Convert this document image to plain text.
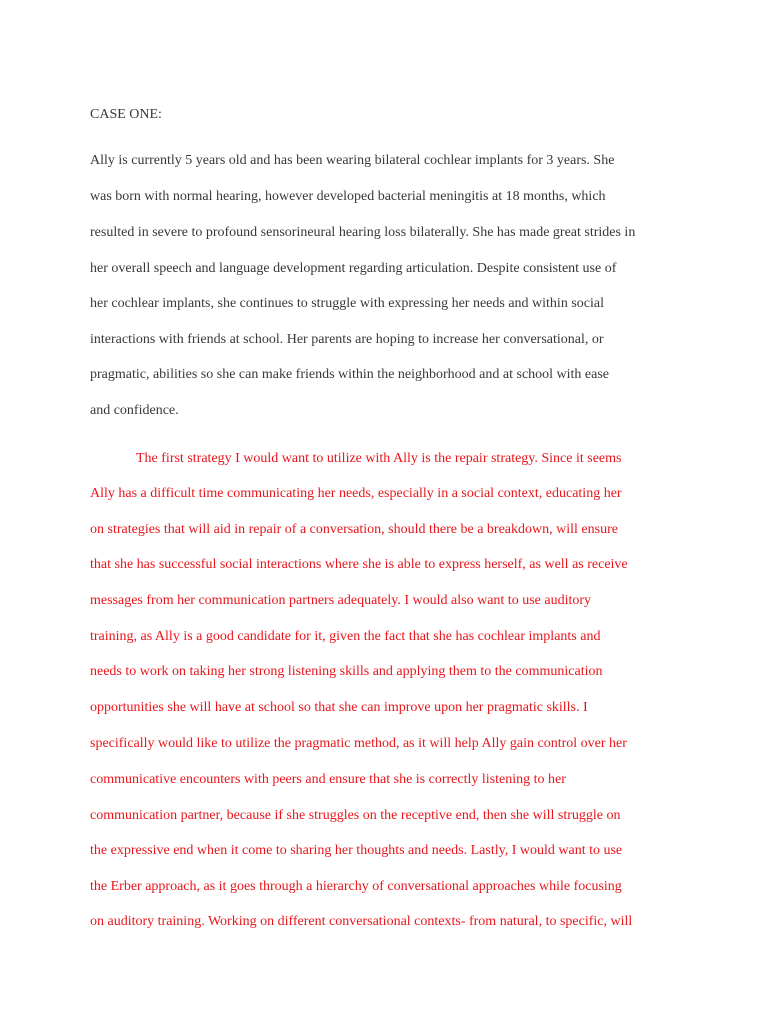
CASE ONE:

Ally is currently 5 years old and has been wearing bilateral cochlear implants for 3 years. She

was born with normal hearing, however developed bacterial meningitis at 18 months, which

resulted in severe to profound sensorineural hearing loss bilaterally. She has made great strides in

her overall speech and language development regarding articulation. Despite consistent use of

her cochlear implants, she continues to struggle with expressing her needs and within social

interactions with friends at school. Her parents are hoping to increase her conversational, or

pragmatic, abilities so she can make friends within the neighborhood and at school with ease

and confidence.

The first strategy I would want to utilize with Ally is the repair strategy. Since it seems

Ally has a difficult time communicating her needs, especially in a social context, educating her

on strategies that will aid in repair of a conversation, should there be a breakdown, will ensure

that she has successful social interactions where she is able to express herself, as well as receive

messages from her communication partners adequately. I would also want to use auditory

training, as Ally is a good candidate for it, given the fact that she has cochlear implants and

needs to work on taking her strong listening skills and applying them to the communication

opportunities she will have at school so that she can improve upon her pragmatic skills. I

specifically would like to utilize the pragmatic method, as it will help Ally gain control over her

communicative encounters with peers and ensure that she is correctly listening to her

communication partner, because if she struggles on the receptive end, then she will struggle on

the expressive end when it come to sharing her thoughts and needs. Lastly, I would want to use

the Erber approach, as it goes through a hierarchy of conversational approaches while focusing

on auditory training. Working on different conversational contexts- from natural, to specific, will
